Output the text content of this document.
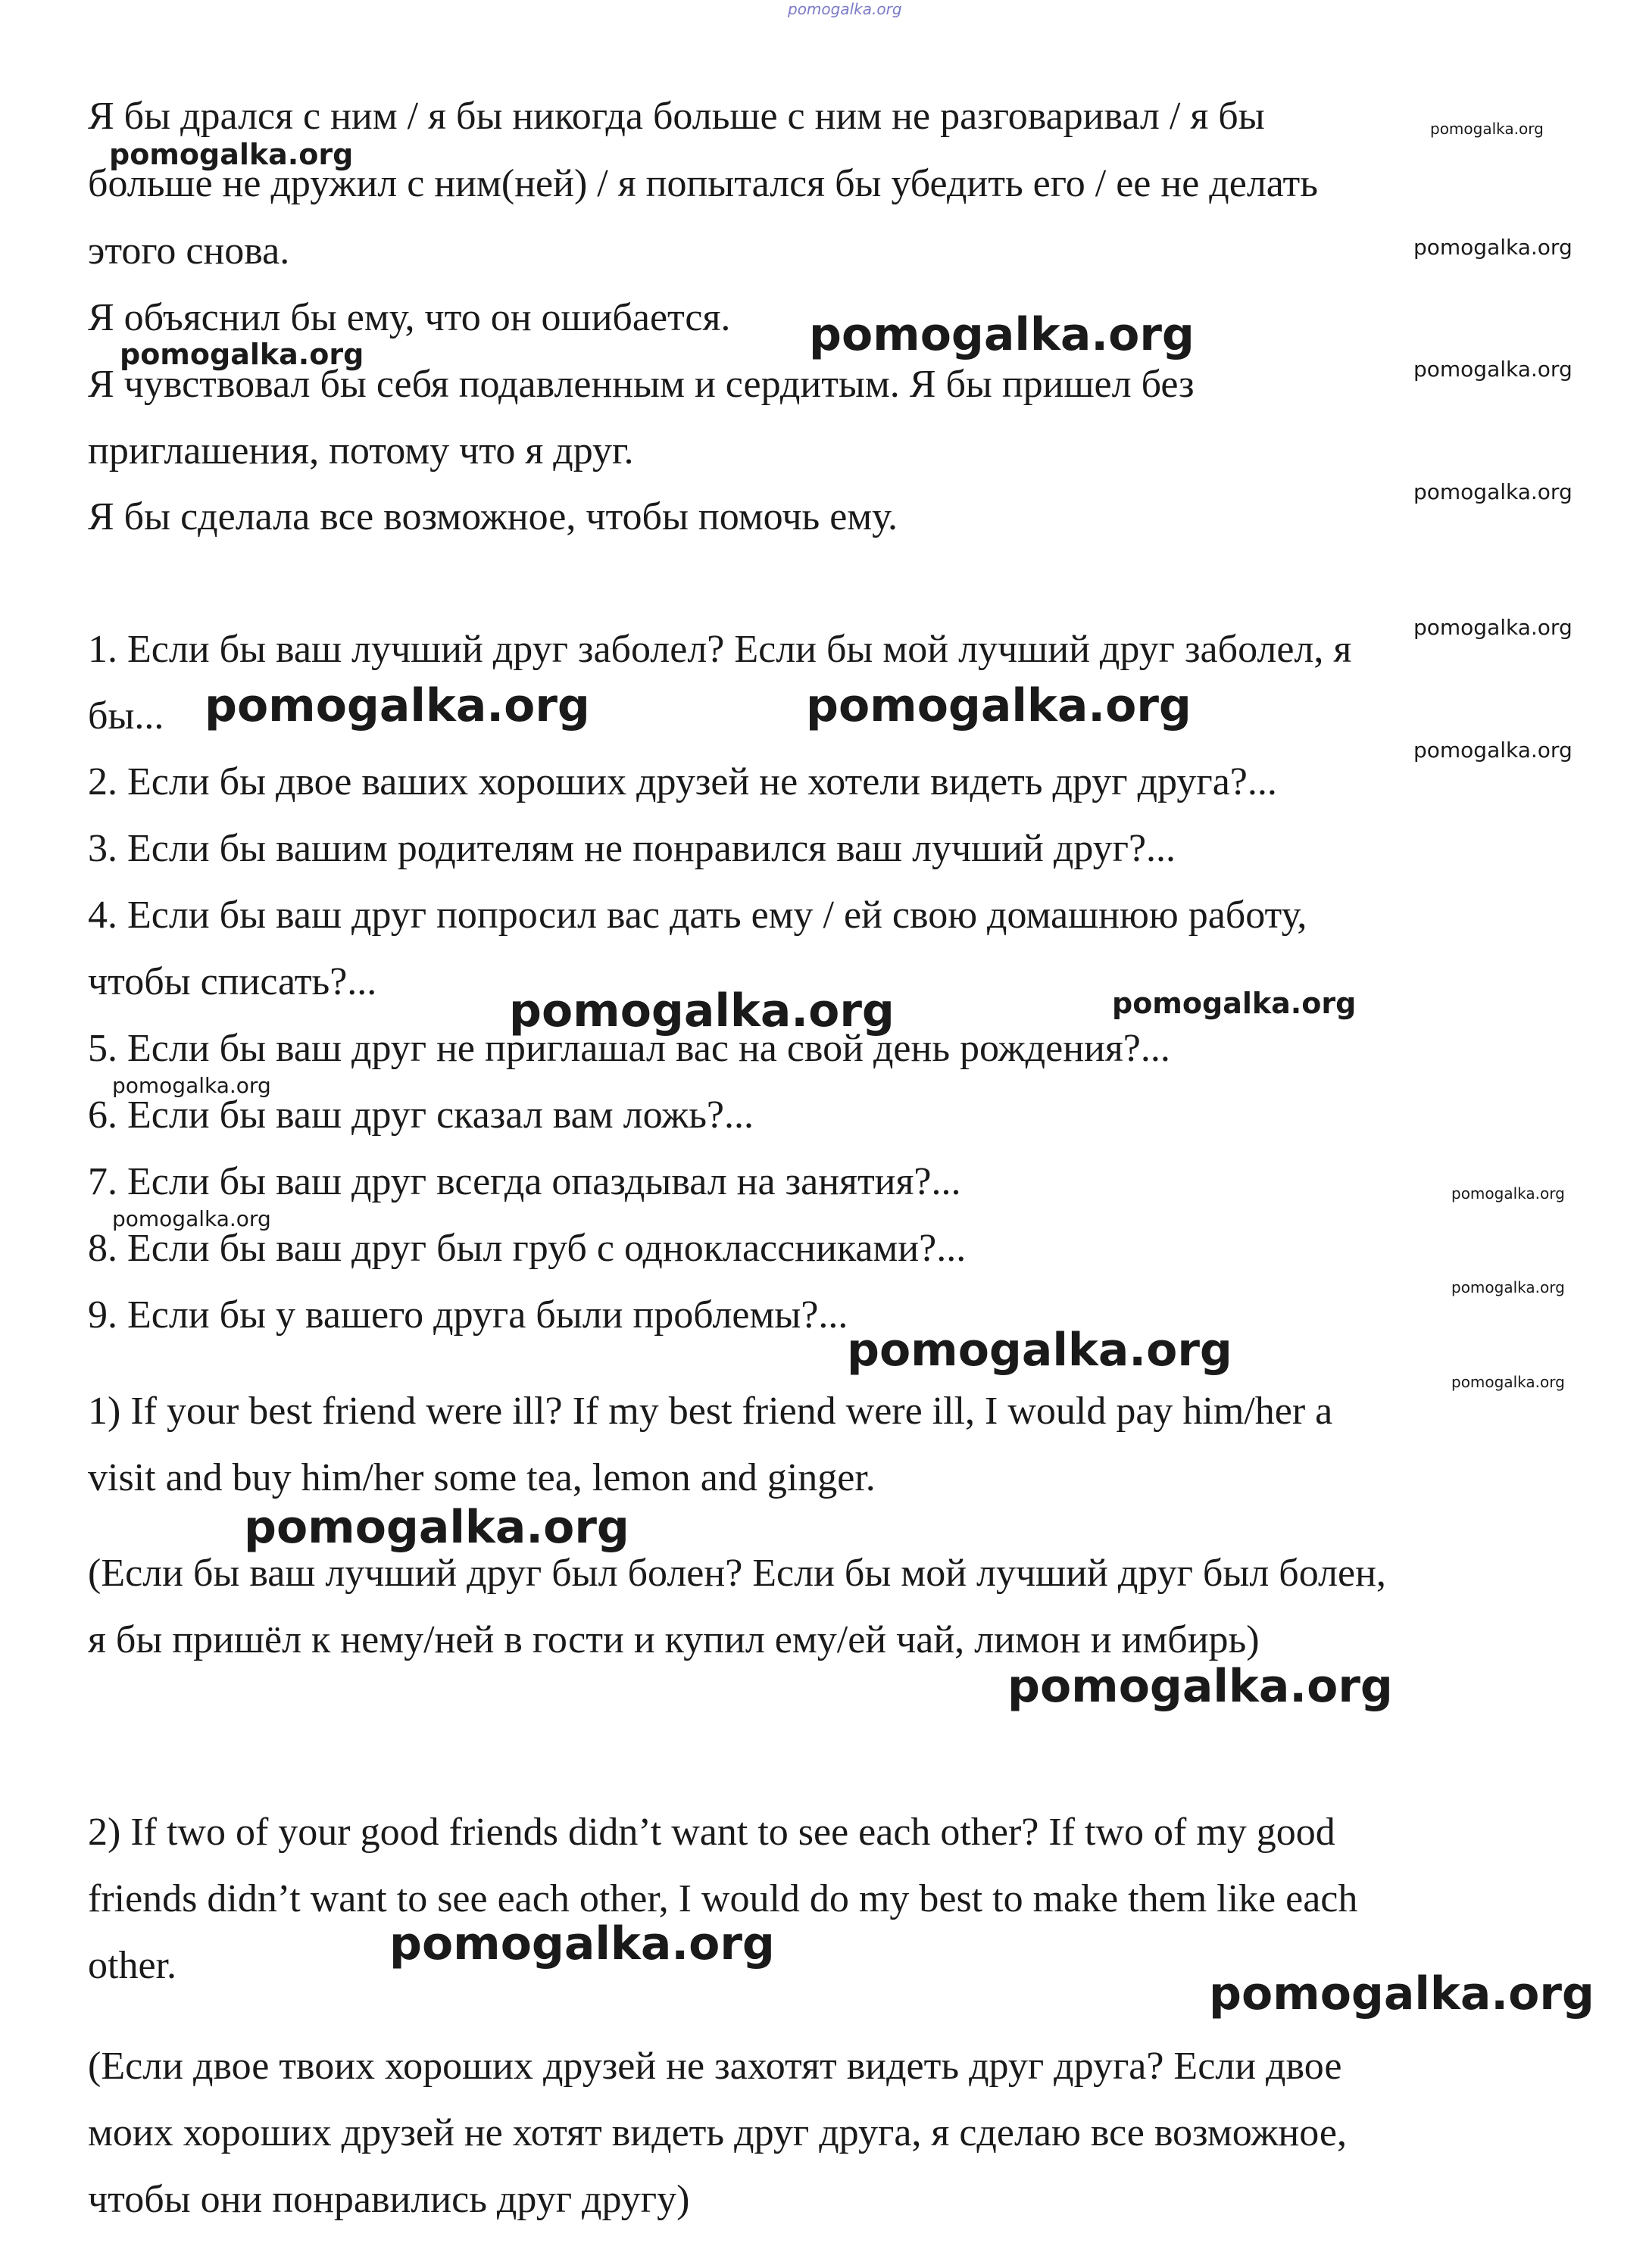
pomogalka.org
Я бы дрался с ним / я бы никогда больше с ним не разговаривал / я бы
больше не дружил с ним(ней) / я попытался бы убедить его / ее не делать
этого снова.
Я объяснил бы ему, что он ошибается.
Я чувствовал бы себя подавленным и сердитым. Я бы пришел без
приглашения, потому что я друг.
Я бы сделала все возможное, чтобы помочь ему.
1. Если бы ваш лучший друг заболел? Если бы мой лучший друг заболел, я
бы...
2. Если бы двое ваших хороших друзей не хотели видеть друг друга?...
3. Если бы вашим родителям не понравился ваш лучший друг?...
4. Если бы ваш друг попросил вас дать ему / ей свою домашнюю работу,
чтобы списать?...
5. Если бы ваш друг не приглашал вас на свой день рождения?...
6. Если бы ваш друг сказал вам ложь?...
7. Если бы ваш друг всегда опаздывал на занятия?...
8. Если бы ваш друг был груб с одноклассниками?...
9. Если бы у вашего друга были проблемы?...
1) If your best friend were ill? If my best friend were ill, I would pay him/her a
visit and buy him/her some tea, lemon and ginger.
(Если бы ваш лучший друг был болен? Если бы мой лучший друг был болен,
я бы пришёл к нему/ней в гости и купил ему/ей чай, лимон и имбирь)
2) If two of your good friends didn’t want to see each other? If two of my good
friends didn’t want to see each other, I would do my best to make them like each
other.
(Если двое твоих хороших друзей не захотят видеть друг друга? Если двое
моих хороших друзей не хотят видеть друг друга, я сделаю все возможное,
чтобы они понравились друг другу)
pomogalka.org
pomogalka.org
pomogalka.org
pomogalka.org
pomogalka.org	pomogalka.org
pomogalka.org
pomogalka.org
pomogalka.org	pomogalka.org
pomogalka.org
pomogalka.org
pomogalka.org
pomogalka.org
pomogalka.org
pomogalka.org
pomogalka.org
pomogalka.org
pomogalka.org
pomogalka.org
pomogalka.org
pomogalka.org
pomogalka.org
